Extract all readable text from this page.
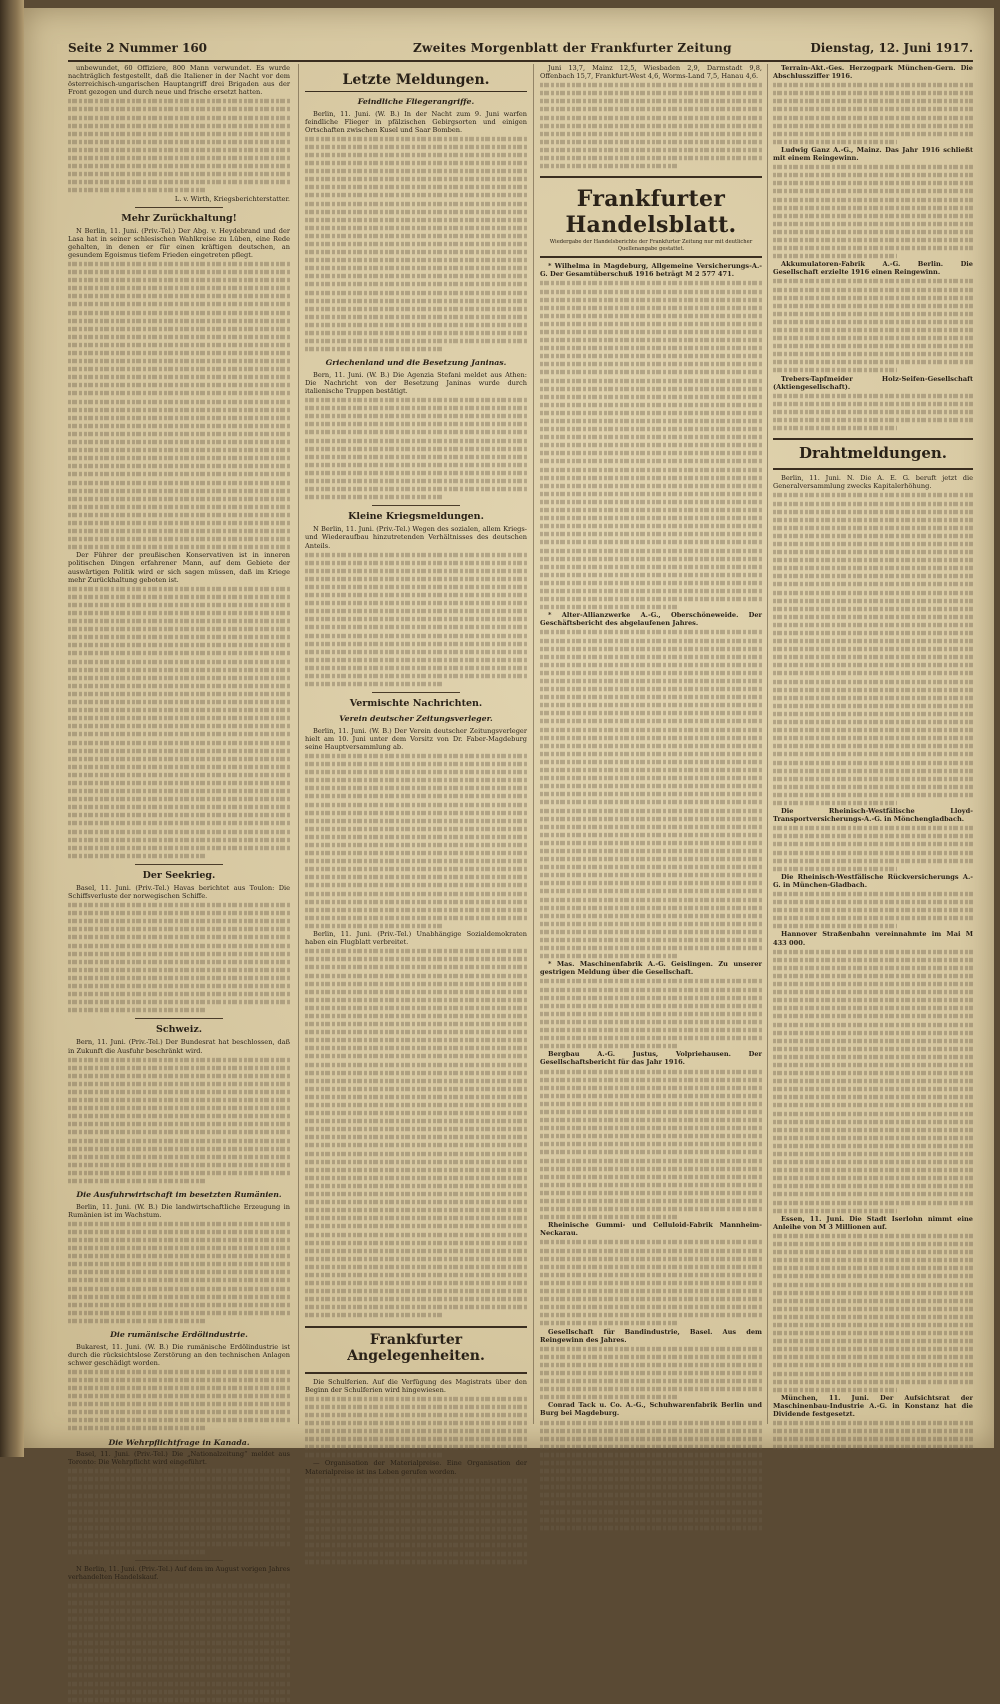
Seite 2 Nummer 160	Zweites Morgenblatt der Frankfurter Zeitung	Dienstag, 12. Juni 1917.

unbewundet, 60 Offiziere, 800 Mann verwundet. Es wurde nachträglich festgestellt, daß die Italiener in der Nacht vor dem österreichisch-ungarischen Hauptangriff drei Brigaden aus der Front gezogen und durch neue und frische ersetzt hatten.

L. v. Wirth, Kriegsberichterstatter.

Mehr Zurückhaltung!

N Berlin, 11. Juni. (Priv.-Tel.) Der Abg. v. Heydebrand und der Lasa hat in seiner schlesischen Wahlkreise zu Lüben, eine Rede gehalten, in denen er für einen kräftigen deutschen, an gesundem Egoismus tiefem Frieden eingetreten pflegt.

Der Führer der preußischen Konservativen ist in inneren politischen Dingen erfahrener Mann, auf dem Gebiete der auswärtigen Politik wird er sich sagen müssen, daß im Kriege mehr Zurückhaltung geboten ist.

Der Seekrieg.

Basel, 11. Juni. (Priv.-Tel.) Havas berichtet aus Toulon: Die Schiffsverluste der norwegischen Schiffe.

Schweiz.

Bern, 11. Juni. (Priv.-Tel.) Der Bundesrat hat beschlossen, daß in Zukunft die Ausfuhr beschränkt wird.

Die Ausfuhrwirtschaft im besetzten Rumänien.

Berlin, 11. Juni. (W. B.) Die landwirtschaftliche Erzeugung in Rumänien ist im Wachstum.

Die rumänische Erdölindustrie.

Bukarest, 11. Juni. (W. B.) Die rumänische Erdölindustrie ist durch die rücksichtslose Zerstörung an den technischen Anlagen schwer geschädigt worden.

Die Wehrpflichtfrage in Kanada.

Basel, 11. Juni. (Priv.-Tel.) Die „Nationalzeitung“ meldet aus Toronto: Die Wehrpflicht wird eingeführt.

N Berlin, 11. Juni. (Priv.-Tel.) Auf dem im August vorigen Jahres verhandelten Handelskauf.

Letzte Meldungen.
Feindliche Fliegerangriffe.

Berlin, 11. Juni. (W. B.) In der Nacht zum 9. Juni warfen feindliche Flieger in pfälzischen Gebirgsorten und einigen Ortschaften zwischen Kusel und Saar Bomben.

Griechenland und die Besetzung Janinas.

Bern, 11. Juni. (W. B.) Die Agenzia Stefani meldet aus Athen: Die Nachricht von der Besetzung Janinas wurde durch italienische Truppen bestätigt.

Kleine Kriegsmeldungen.

N Berlin, 11. Juni. (Priv.-Tel.) Wegen des sozialen, allem Kriegs- und Wiederaufbau hinzutretenden Verhältnisses des deutschen Anteils.

Vermischte Nachrichten.
Verein deutscher Zeitungsverleger.

Berlin, 11. Juni. (W. B.) Der Verein deutscher Zeitungsverleger hielt am 10. Juni unter dem Vorsitz von Dr. Faber-Magdeburg seine Hauptversammlung ab.

Berlin, 11. Juni. (Priv.-Tel.) Unabhängige Sozialdemokraten haben ein Flugblatt verbreitet.

Frankfurter Angelegenheiten.

Die Schulferien. Auf die Verfügung des Magistrats über den Beginn der Schulferien wird hingewiesen.

— Organisation der Materialpreise. Eine Organisation der Materialpreise ist ins Leben gerufen worden.

Juni 13,7, Mainz 12,5, Wiesbaden 2,9, Darmstadt 9,8, Offenbach 15,7, Frankfurt-West 4,6, Worms-Land 7,5, Hanau 4,6.

Frankfurter Handelsblatt.
Wiedergabe der Handelsberichte der Frankfurter Zeitung nur mit deutlicher Quellenangabe gestattet.

* Wilhelma in Magdeburg, Allgemeine Versicherungs-A.-G. Der Gesamtüberschuß 1916 beträgt M 2 577 471.

* Alter-Allianzwerke A.-G., Oberschöneweide. Der Geschäftsbericht des abgelaufenen Jahres.

* Mas. Maschinenfabrik A.-G. Geislingen. Zu unserer gestrigen Meldung über die Gesellschaft.

Bergbau A.-G. Justus, Volpriehausen. Der Gesellschaftsbericht für das Jahr 1916.

Rheinische Gummi- und Celluloid-Fabrik Mannheim-Neckarau.

Gesellschaft für Bandindustrie, Basel. Aus dem Reingewinn des Jahres.

Conrad Tack u. Co. A.-G., Schuhwarenfabrik Berlin und Burg bei Magdeburg.

Terrain-Akt.-Ges. Herzogpark München-Gern. Die Abschlussziffer 1916.

Ludwig Ganz A.-G., Mainz. Das Jahr 1916 schließt mit einem Reingewinn.

Akkumulatoren-Fabrik A.-G. Berlin. Die Gesellschaft erzielte 1916 einen Reingewinn.

Trebers-Tapfmeider Holz-Seifen-Gesellschaft (Aktiengesellschaft).

Drahtmeldungen.

Berlin, 11. Juni. N. Die A. E. G. beruft jetzt die Generalversammlung zwecks Kapitalerhöhung.

Die Rheinisch-Westfälische Lloyd-Transportversicherungs-A.-G. in Mönchengladbach.

Die Rheinisch-Westfälische Rückversicherungs A.-G. in München-Gladbach.

Hannover Straßenbahn vereinnahmte im Mai M 433 000.

Essen, 11. Juni. Die Stadt Iserlohn nimmt eine Anleihe von M 3 Millionen auf.

München, 11. Juni. Der Aufsichtsrat der Maschinenbau-Industrie A.-G. in Konstanz hat die Dividende festgesetzt.
